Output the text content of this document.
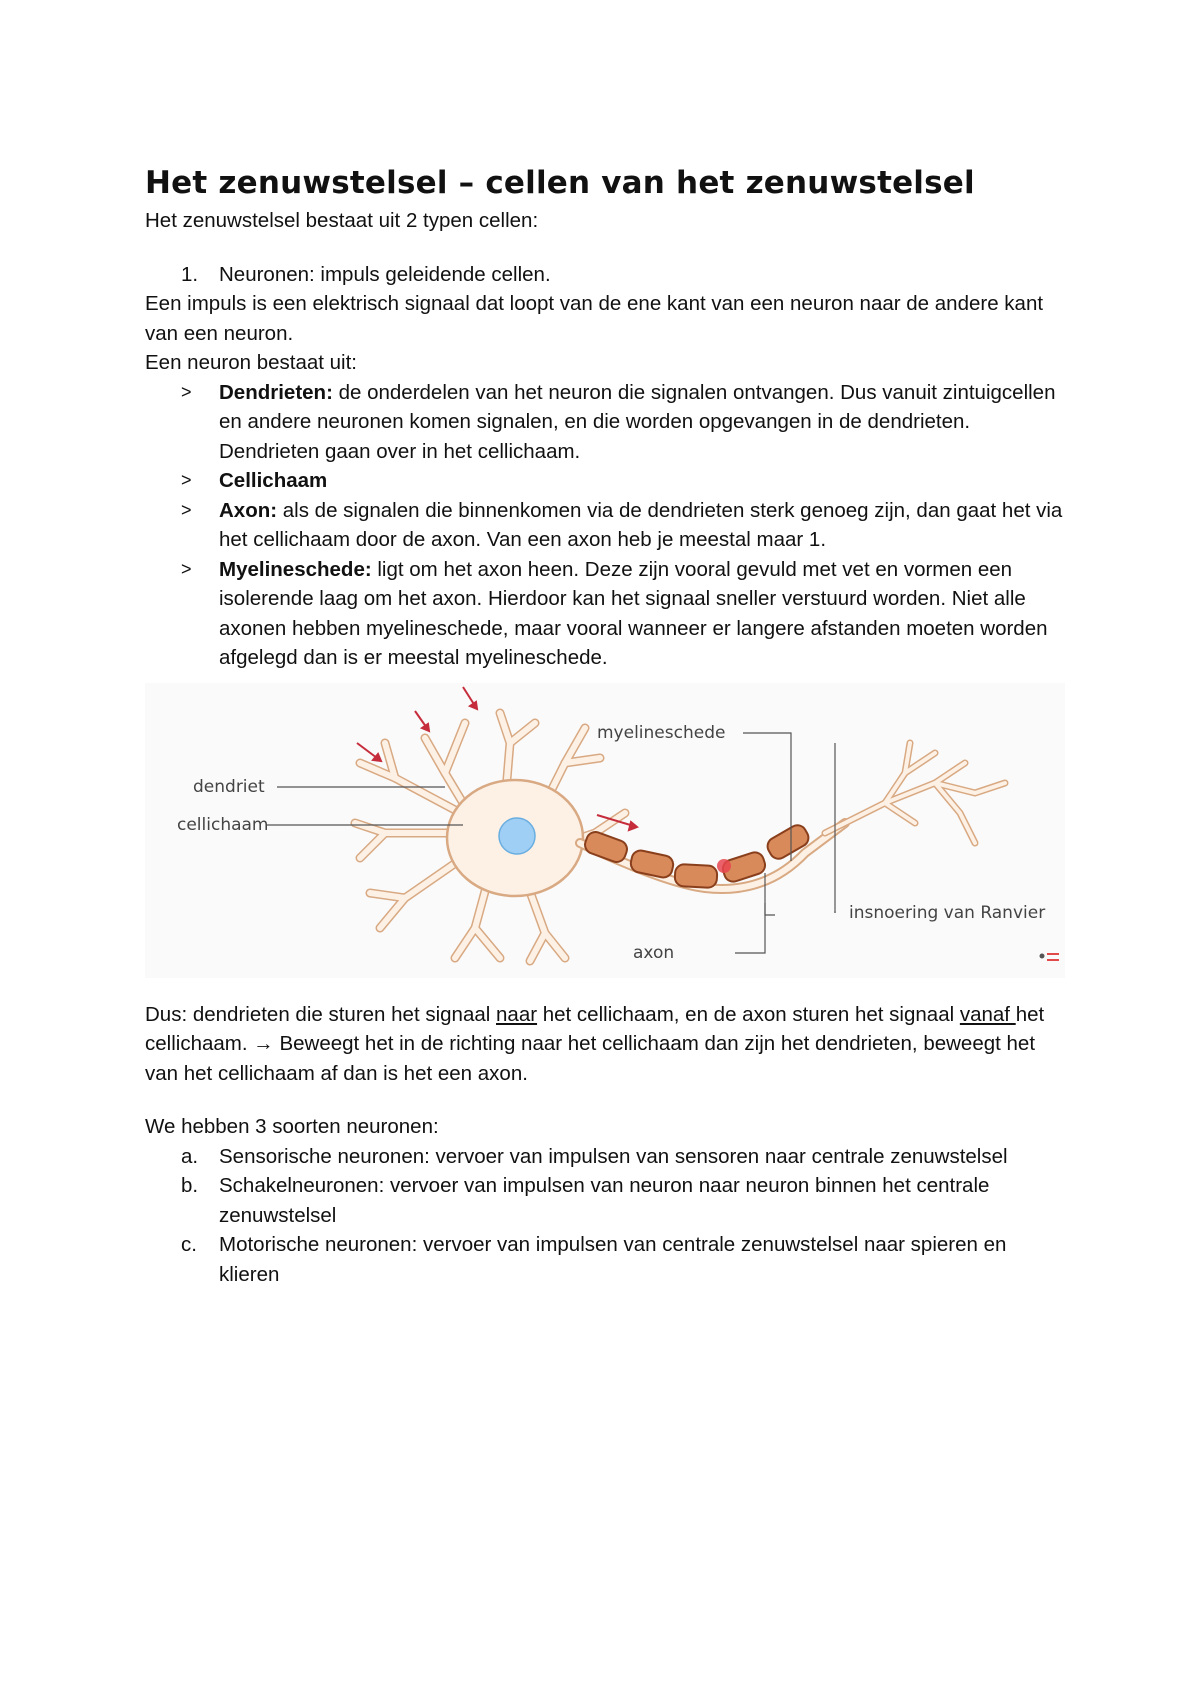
Het zenuwstelsel – cellen van het zenuwstelsel

Het zenuwstelsel bestaat uit 2 typen cellen:

1. Neuronen: impuls geleidende cellen.

Een impuls is een elektrisch signaal dat loopt van de ene kant van een neuron naar de andere kant van een neuron.

Een neuron bestaat uit:

> Dendrieten: de onderdelen van het neuron die signalen ontvangen. Dus vanuit zintuigcellen en andere neuronen komen signalen, en die worden opgevangen in de dendrieten. Dendrieten gaan over in het cellichaam.
> Cellichaam
> Axon: als de signalen die binnenkomen via de dendrieten sterk genoeg zijn, dan gaat het via het cellichaam door de axon. Van een axon heb je meestal maar 1.
> Myelineschede: ligt om het axon heen. Deze zijn vooral gevuld met vet en vormen een isolerende laag om het axon. Hierdoor kan het signaal sneller verstuurd worden. Niet alle axonen hebben myelineschede, maar vooral wanneer er langere afstanden moeten worden afgelegd dan is er meestal myelineschede.
dendriet
cellichaam
myelineschede
insnoering van Ranvier
axon

Dus: dendrieten die sturen het signaal naar het cellichaam, en de axon sturen het signaal vanaf het cellichaam. → Beweegt het in de richting naar het cellichaam dan zijn het dendrieten, beweegt het van het cellichaam af dan is het een axon.

We hebben 3 soorten neuronen:

a. Sensorische neuronen: vervoer van impulsen van sensoren naar centrale zenuwstelsel
b. Schakelneuronen: vervoer van impulsen van neuron naar neuron binnen het centrale zenuwstelsel
c. Motorische neuronen: vervoer van impulsen van centrale zenuwstelsel naar spieren en klieren
